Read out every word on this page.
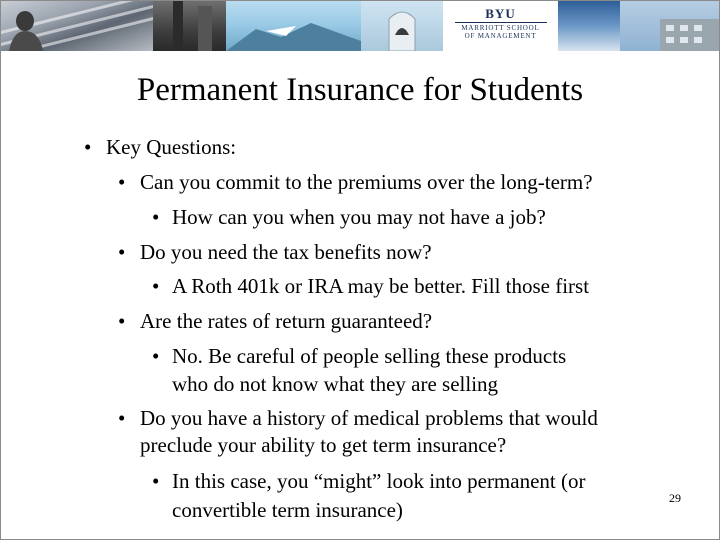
BYU
MARRIOTT SCHOOL
OF MANAGEMENT
Permanent Insurance for Students
• Key Questions:
• Can you commit to the premiums over the long-term?
• How can you when you may not have a job?
• Do you need the tax benefits now?
• A Roth 401k or IRA may be better. Fill those first
• Are the rates of return guaranteed?
• No. Be careful of people selling these products
who do not know what they are selling
• Do you have a history of medical problems that would
preclude your ability to get term insurance?
• In this case, you “might” look into permanent (or
convertible term insurance)	29
